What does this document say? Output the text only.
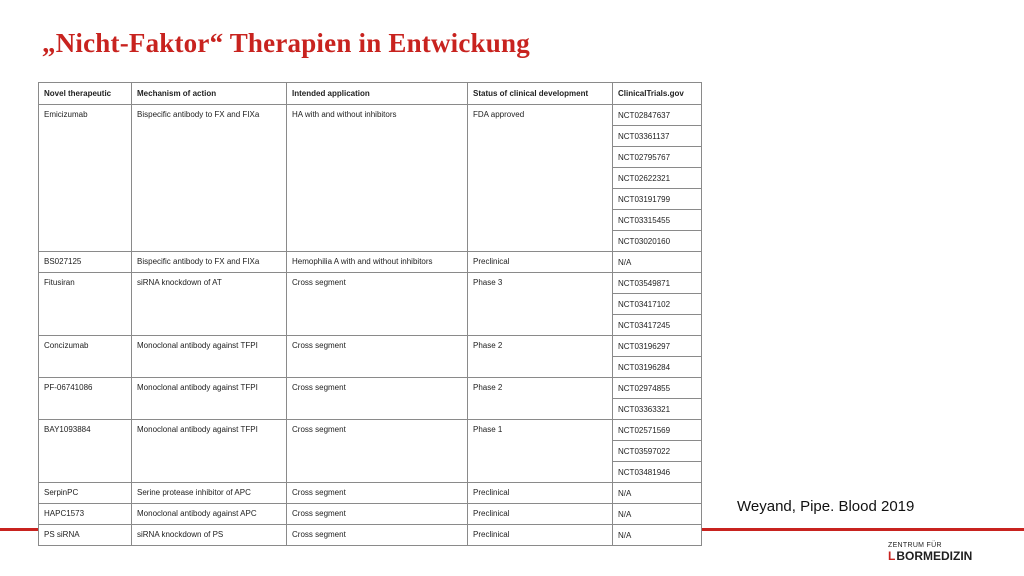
„Nicht-Faktor“ Therapien in Entwickung
Novel therapeutic	Mechanism of action	Intended application	Status of clinical development	ClinicalTrials.gov
Emicizumab	Bispecific antibody to FX and FIXa	HA with and without inhibitors	FDA approved	NCT02847637
				NCT03361137
				NCT02795767
				NCT02622321
				NCT03191799
				NCT03315455
				NCT03020160
BS027125	Bispecific antibody to FX and FIXa	Hemophilia A with and without inhibitors	Preclinical	N/A
Fitusiran	siRNA knockdown of AT	Cross segment	Phase 3	NCT03549871
				NCT03417102
				NCT03417245
Concizumab	Monoclonal antibody against TFPI	Cross segment	Phase 2	NCT03196297
				NCT03196284
PF-06741086	Monoclonal antibody against TFPI	Cross segment	Phase 2	NCT02974855
				NCT03363321
BAY1093884	Monoclonal antibody against TFPI	Cross segment	Phase 1	NCT02571569
				NCT03597022
				NCT03481946
SerpinPC	Serine protease inhibitor of APC	Cross segment	Preclinical	N/A
HAPC1573	Monoclonal antibody against APC	Cross segment	Preclinical	N/A
PS siRNA	siRNA knockdown of PS	Cross segment	Preclinical	N/A
Weyand, Pipe. Blood 2019
ZENTRUM FÜR
L BORMEDIZIN
